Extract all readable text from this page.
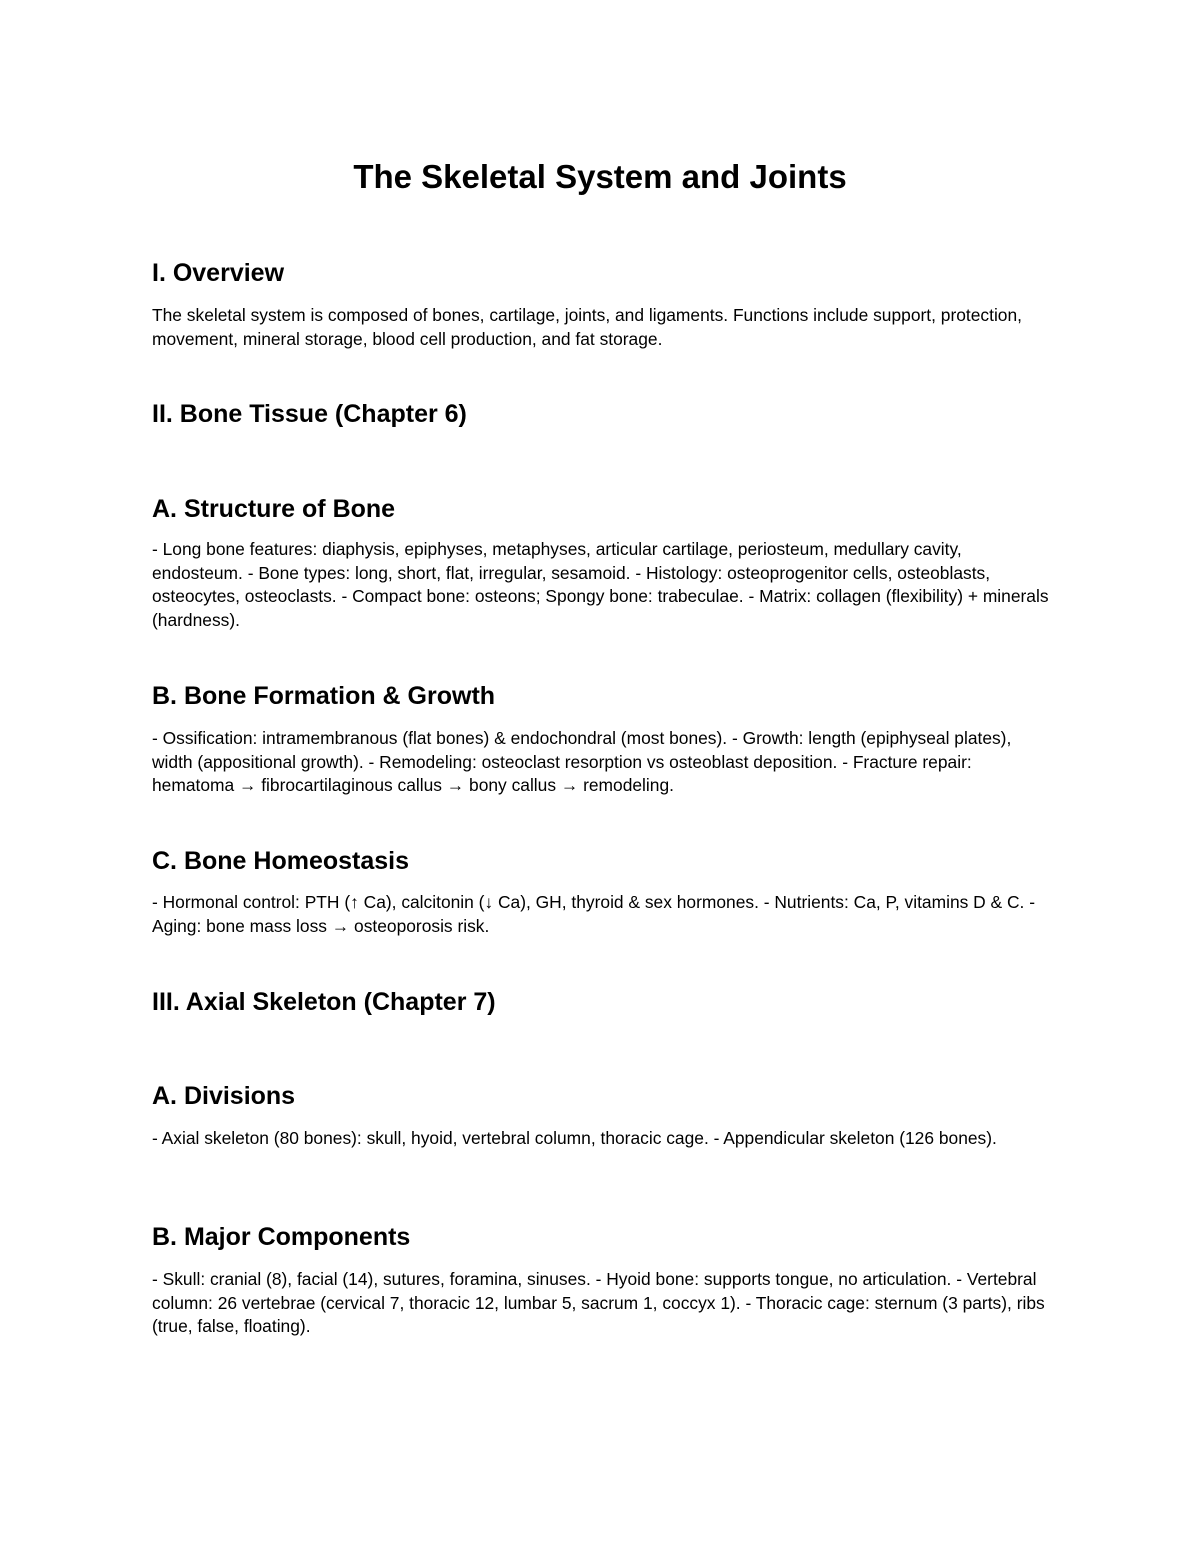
The Skeletal System and Joints
I. Overview

The skeletal system is composed of bones, cartilage, joints, and ligaments. Functions include support, protection, movement, mineral storage, blood cell production, and fat storage.

II. Bone Tissue (Chapter 6)
A. Structure of Bone

- Long bone features: diaphysis, epiphyses, metaphyses, articular cartilage, periosteum, medullary cavity, endosteum. - Bone types: long, short, flat, irregular, sesamoid. - Histology: osteoprogenitor cells, osteoblasts, osteocytes, osteoclasts. - Compact bone: osteons; Spongy bone: trabeculae. - Matrix: collagen (flexibility) + minerals (hardness).

B. Bone Formation & Growth

- Ossification: intramembranous (flat bones) & endochondral (most bones). - Growth: length (epiphyseal plates), width (appositional growth). - Remodeling: osteoclast resorption vs osteoblast deposition. - Fracture repair: hematoma → fibrocartilaginous callus → bony callus → remodeling.

C. Bone Homeostasis

- Hormonal control: PTH (↑ Ca), calcitonin (↓ Ca), GH, thyroid & sex hormones. - Nutrients: Ca, P, vitamins D & C. - Aging: bone mass loss → osteoporosis risk.

III. Axial Skeleton (Chapter 7)
A. Divisions

- Axial skeleton (80 bones): skull, hyoid, vertebral column, thoracic cage. - Appendicular skeleton (126 bones).

B. Major Components

- Skull: cranial (8), facial (14), sutures, foramina, sinuses. - Hyoid bone: supports tongue, no articulation. - Vertebral column: 26 vertebrae (cervical 7, thoracic 12, lumbar 5, sacrum 1, coccyx 1). - Thoracic cage: sternum (3 parts), ribs (true, false, floating).
